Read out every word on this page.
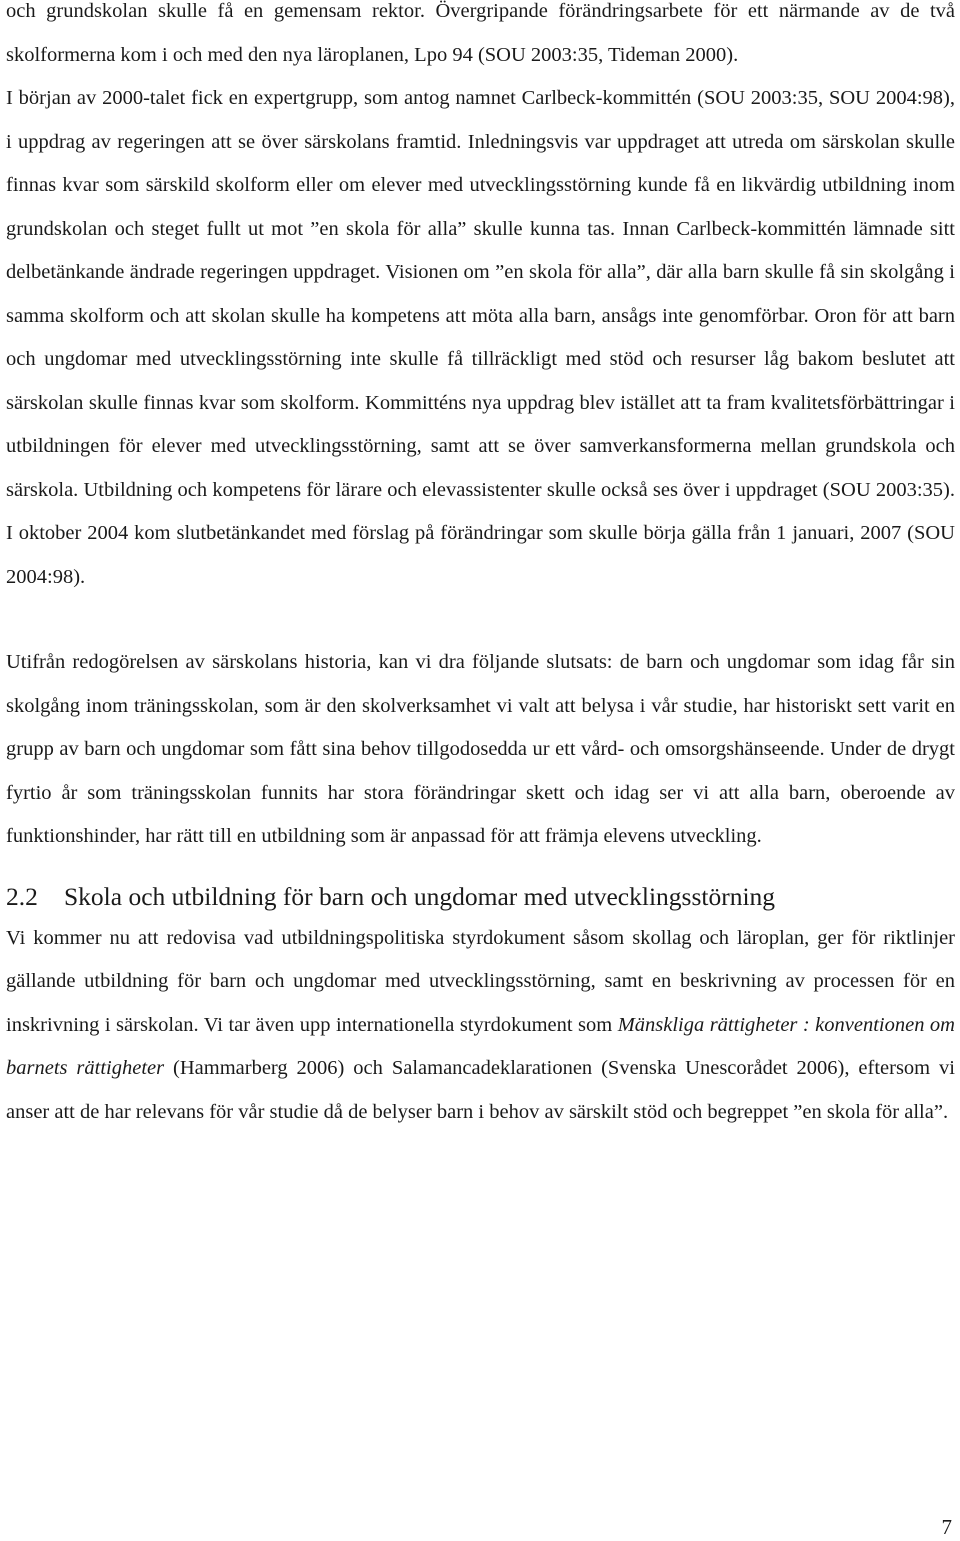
och grundskolan skulle få en gemensam rektor. Övergripande förändringsarbete för ett närmande av de två skolformerna kom i och med den nya läroplanen, Lpo 94 (SOU 2003:35, Tideman 2000).

I början av 2000-talet fick en expertgrupp, som antog namnet Carlbeck-kommittén (SOU 2003:35, SOU 2004:98), i uppdrag av regeringen att se över särskolans framtid. Inledningsvis var uppdraget att utreda om särskolan skulle finnas kvar som särskild skolform eller om elever med utvecklingsstörning kunde få en likvärdig utbildning inom grundskolan och steget fullt ut mot ”en skola för alla” skulle kunna tas. Innan Carlbeck-kommittén lämnade sitt delbetänkande ändrade regeringen uppdraget. Visionen om ”en skola för alla”, där alla barn skulle få sin skolgång i samma skolform och att skolan skulle ha kompetens att möta alla barn, ansågs inte genomförbar. Oron för att barn och ungdomar med utvecklingsstörning inte skulle få tillräckligt med stöd och resurser låg bakom beslutet att särskolan skulle finnas kvar som skolform. Kommitténs nya uppdrag blev istället att ta fram kvalitetsförbättringar i utbildningen för elever med utvecklingsstörning, samt att se över samverkansformerna mellan grundskola och särskola. Utbildning och kompetens för lärare och elevassistenter skulle också ses över i uppdraget (SOU 2003:35). I oktober 2004 kom slutbetänkandet med förslag på förändringar som skulle börja gälla från 1 januari, 2007 (SOU 2004:98).

Utifrån redogörelsen av särskolans historia, kan vi dra följande slutsats: de barn och ungdomar som idag får sin skolgång inom träningsskolan, som är den skolverksamhet vi valt att belysa i vår studie, har historiskt sett varit en grupp av barn och ungdomar som fått sina behov tillgodosedda ur ett vård- och omsorgshänseende. Under de drygt fyrtio år som träningsskolan funnits har stora förändringar skett och idag ser vi att alla barn, oberoende av funktionshinder, har rätt till en utbildning som är anpassad för att främja elevens utveckling.

2.2 Skola och utbildning för barn och ungdomar med utvecklingsstörning

Vi kommer nu att redovisa vad utbildningspolitiska styrdokument såsom skollag och läroplan, ger för riktlinjer gällande utbildning för barn och ungdomar med utvecklingsstörning, samt en beskrivning av processen för en inskrivning i särskolan. Vi tar även upp internationella styrdokument som Mänskliga rättigheter : konventionen om barnets rättigheter (Hammarberg 2006) och Salamancadeklarationen (Svenska Unescorådet 2006), eftersom vi anser att de har relevans för vår studie då de belyser barn i behov av särskilt stöd och begreppet ”en skola för alla”.

7
